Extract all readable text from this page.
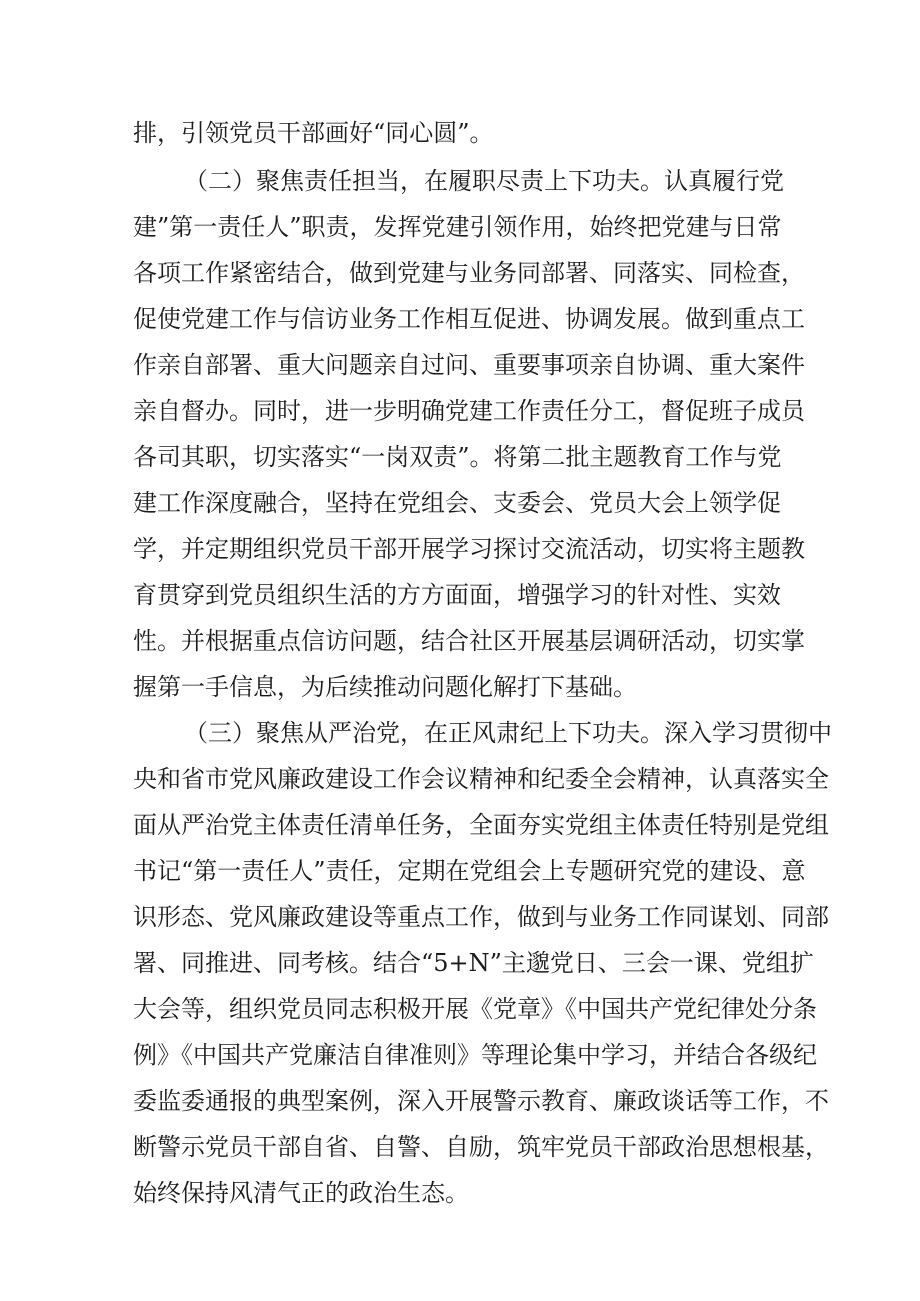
排，引领党员干部画好“同心圆”。
（二）聚焦责任担当，在履职尽责上下功夫。认真履行党
建”第一责任人”职责，发挥党建引领作用，始终把党建与日常
各项工作紧密结合，做到党建与业务同部署、同落实、同检查，
促使党建工作与信访业务工作相互促进、协调发展。做到重点工
作亲自部署、重大问题亲自过问、重要事项亲自协调、重大案件
亲自督办。同时，进一步明确党建工作责任分工，督促班子成员
各司其职，切实落实“一岗双责”。将第二批主题教育工作与党
建工作深度融合，坚持在党组会、支委会、党员大会上领学促
学，并定期组织党员干部开展学习探讨交流活动，切实将主题教
育贯穿到党员组织生活的方方面面，增强学习的针对性、实效
性。并根据重点信访问题，结合社区开展基层调研活动，切实掌
握第一手信息，为后续推动问题化解打下基础。
（三）聚焦从严治党，在正风肃纪上下功夫。深入学习贯彻中
央和省市党风廉政建设工作会议精神和纪委全会精神，认真落实全
面从严治党主体责任清单任务，全面夯实党组主体责任特别是党组
书记“第一责任人”责任，定期在党组会上专题研究党的建设、意
识形态、党风廉政建设等重点工作，做到与业务工作同谋划、同部
署、同推进、同考核。结合“5+N”主邈党日、三会一课、党组扩
大会等，组织党员同志积极开展《党章》《中国共产党纪律处分条
例》《中国共产党廉洁自律准则》等理论集中学习，并结合各级纪
委监委通报的典型案例，深入开展警示教育、廉政谈话等工作，不
断警示党员干部自省、自警、自励，筑牢党员干部政治思想根基，
始终保持风清气正的政治生态。
